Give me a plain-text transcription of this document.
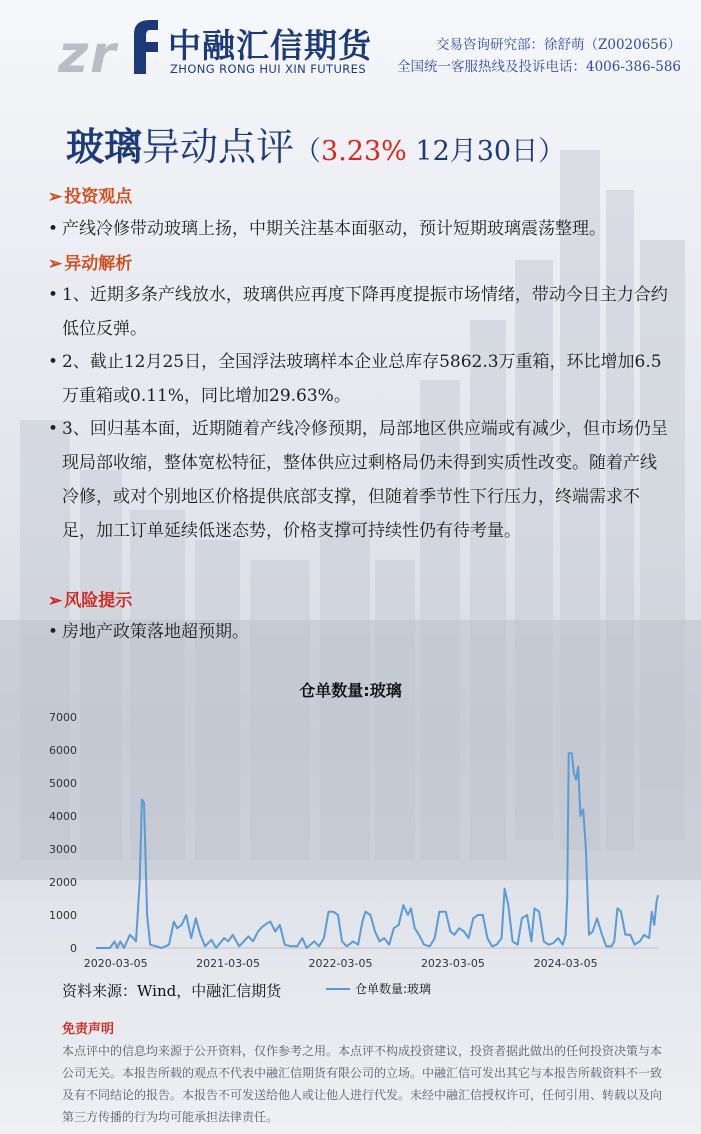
z r 中融汇信期货
ZHONG RONG HUI XIN FUTURES
交易咨询研究部：徐舒萌（Z0020656）
全国统一客服热线及投诉电话：4006-386-586
玻璃异动点评（3.23% 12月30日）
➢ 投资观点
• 产线冷修带动玻璃上扬，中期关注基本面驱动，预计短期玻璃震荡整理。
➢ 异动解析
• 1、近期多条产线放水，玻璃供应再度下降再度提振市场情绪，带动今日主力合约低位反弹。
• 2、截止12月25日，全国浮法玻璃样本企业总库存5862.3万重箱，环比增加6.5万重箱或0.11%，同比增加29.63%。
• 3、回归基本面，近期随着产线冷修预期，局部地区供应端或有减少，但市场仍呈现局部收缩，整体宽松特征，整体供应过剩格局仍未得到实质性改变。随着产线冷修，或对个别地区价格提供底部支撑，但随着季节性下行压力，终端需求不足，加工订单延续低迷态势，价格支撑可持续性仍有待考量。
➢ 风险提示
• 房地产政策落地超预期。
仓单数量:玻璃
0
1000
2000
3000
4000
5000
6000
7000
2020-03-05	2021-03-05	2022-03-05	2023-03-05	2024-03-05
资料来源：Wind，中融汇信期货	仓单数量:玻璃
免责声明
本点评中的信息均来源于公开资料，仅作参考之用。本点评不构成投资建议，投资者据此做出的任何投资决策与本公司无关。本报告所载的观点不代表中融汇信期货有限公司的立场。中融汇信可发出其它与本报告所载资料不一致及有不同结论的报告。本报告不可发送给他人或让他人进行代发。未经中融汇信授权许可，任何引用、转载以及向第三方传播的行为均可能承担法律责任。
